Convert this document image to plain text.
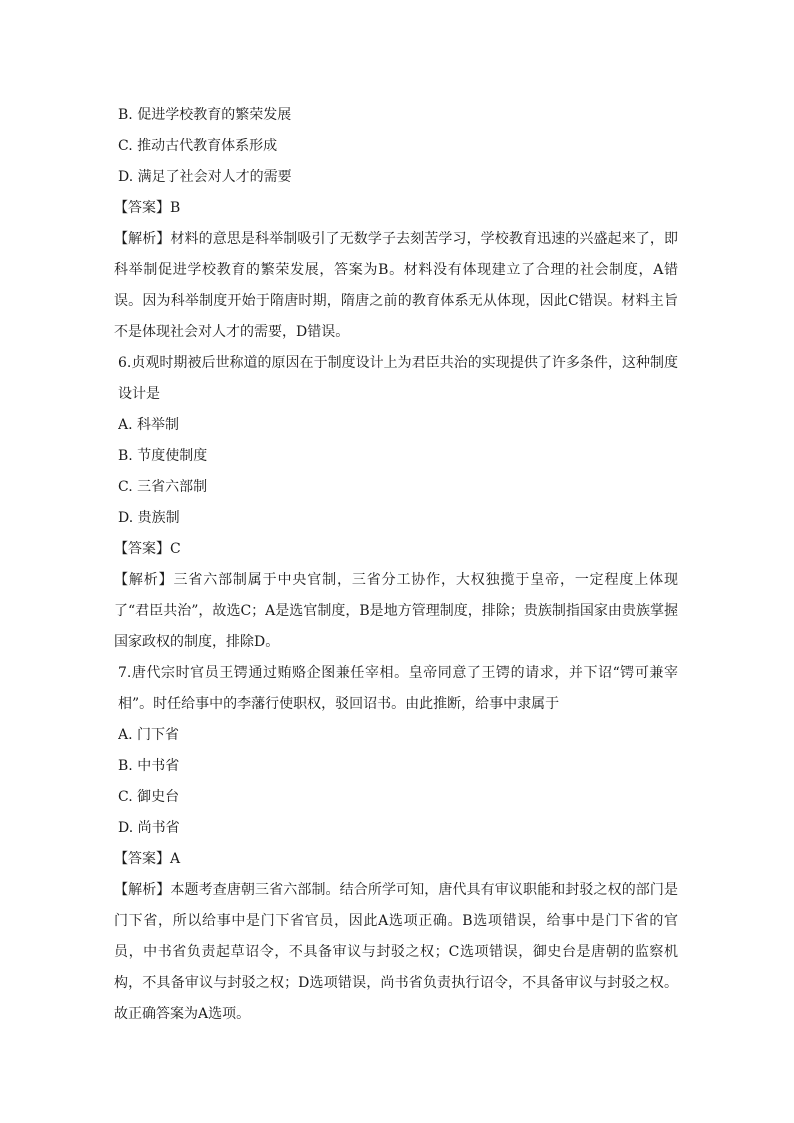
B. 促进学校教育的繁荣发展
C. 推动古代教育体系形成
D. 满足了社会对人才的需要
【答案】B
【解析】材料的意思是科举制吸引了无数学子去刻苦学习，学校教育迅速的兴盛起来了，即科举制促进学校教育的繁荣发展，答案为B。材料没有体现建立了合理的社会制度，A错误。因为科举制度开始于隋唐时期，隋唐之前的教育体系无从体现，因此C错误。材料主旨不是体现社会对人才的需要，D错误。
6.贞观时期被后世称道的原因在于制度设计上为君臣共治的实现提供了许多条件，这种制度设计是
A. 科举制
B. 节度使制度
C. 三省六部制
D. 贵族制
【答案】C
【解析】三省六部制属于中央官制，三省分工协作，大权独揽于皇帝，一定程度上体现了“君臣共治”，故选C；A是选官制度，B是地方管理制度，排除；贵族制指国家由贵族掌握国家政权的制度，排除D。
7.唐代宗时官员王锷通过贿赂企图兼任宰相。皇帝同意了王锷的请求，并下诏“锷可兼宰相”。时任给事中的李藩行使职权，驳回诏书。由此推断，给事中隶属于
A. 门下省
B. 中书省
C. 御史台
D. 尚书省
【答案】A
【解析】本题考查唐朝三省六部制。结合所学可知，唐代具有审议职能和封驳之权的部门是门下省，所以给事中是门下省官员，因此A选项正确。B选项错误，给事中是门下省的官员，中书省负责起草诏令，不具备审议与封驳之权；C选项错误，御史台是唐朝的监察机构，不具备审议与封驳之权；D选项错误，尚书省负责执行诏令，不具备审议与封驳之权。故正确答案为A选项。
